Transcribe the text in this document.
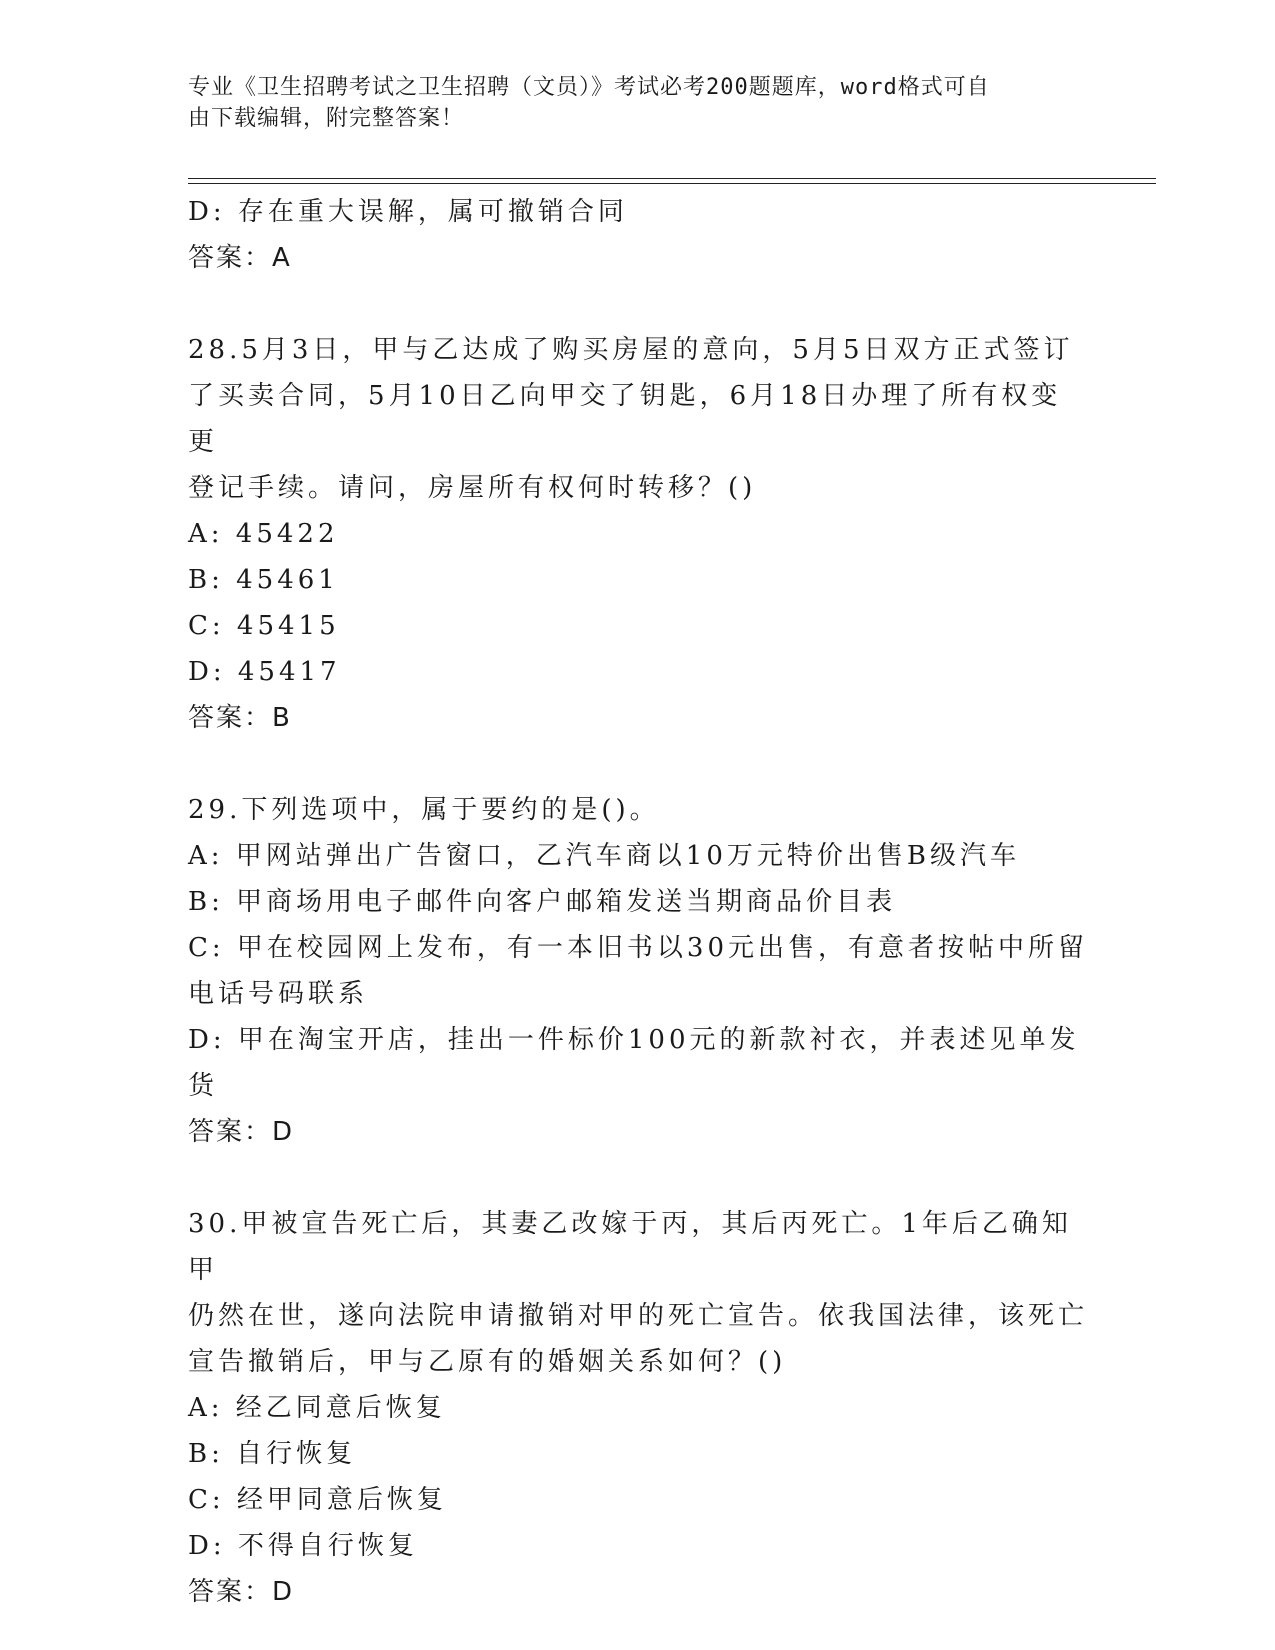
专业《卫生招聘考试之卫生招聘（文员）》考试必考200题题库，word格式可自
由下载编辑，附完整答案！
D: 存在重大误解，属可撤销合同
答案：A
28.5月3日，甲与乙达成了购买房屋的意向，5月5日双方正式签订
了买卖合同，5月10日乙向甲交了钥匙，6月18日办理了所有权变更
登记手续。请问，房屋所有权何时转移？()
A: 45422
B: 45461
C: 45415
D: 45417
答案：B
29.下列选项中，属于要约的是()。
A: 甲网站弹出广告窗口，乙汽车商以10万元特价出售B级汽车
B: 甲商场用电子邮件向客户邮箱发送当期商品价目表
C: 甲在校园网上发布，有一本旧书以30元出售，有意者按帖中所留
电话号码联系
D: 甲在淘宝开店，挂出一件标价100元的新款衬衣，并表述见单发货
答案：D
30.甲被宣告死亡后，其妻乙改嫁于丙，其后丙死亡。1年后乙确知甲
仍然在世，遂向法院申请撤销对甲的死亡宣告。依我国法律，该死亡
宣告撤销后，甲与乙原有的婚姻关系如何？()
A: 经乙同意后恢复
B: 自行恢复
C: 经甲同意后恢复
D: 不得自行恢复
答案：D
